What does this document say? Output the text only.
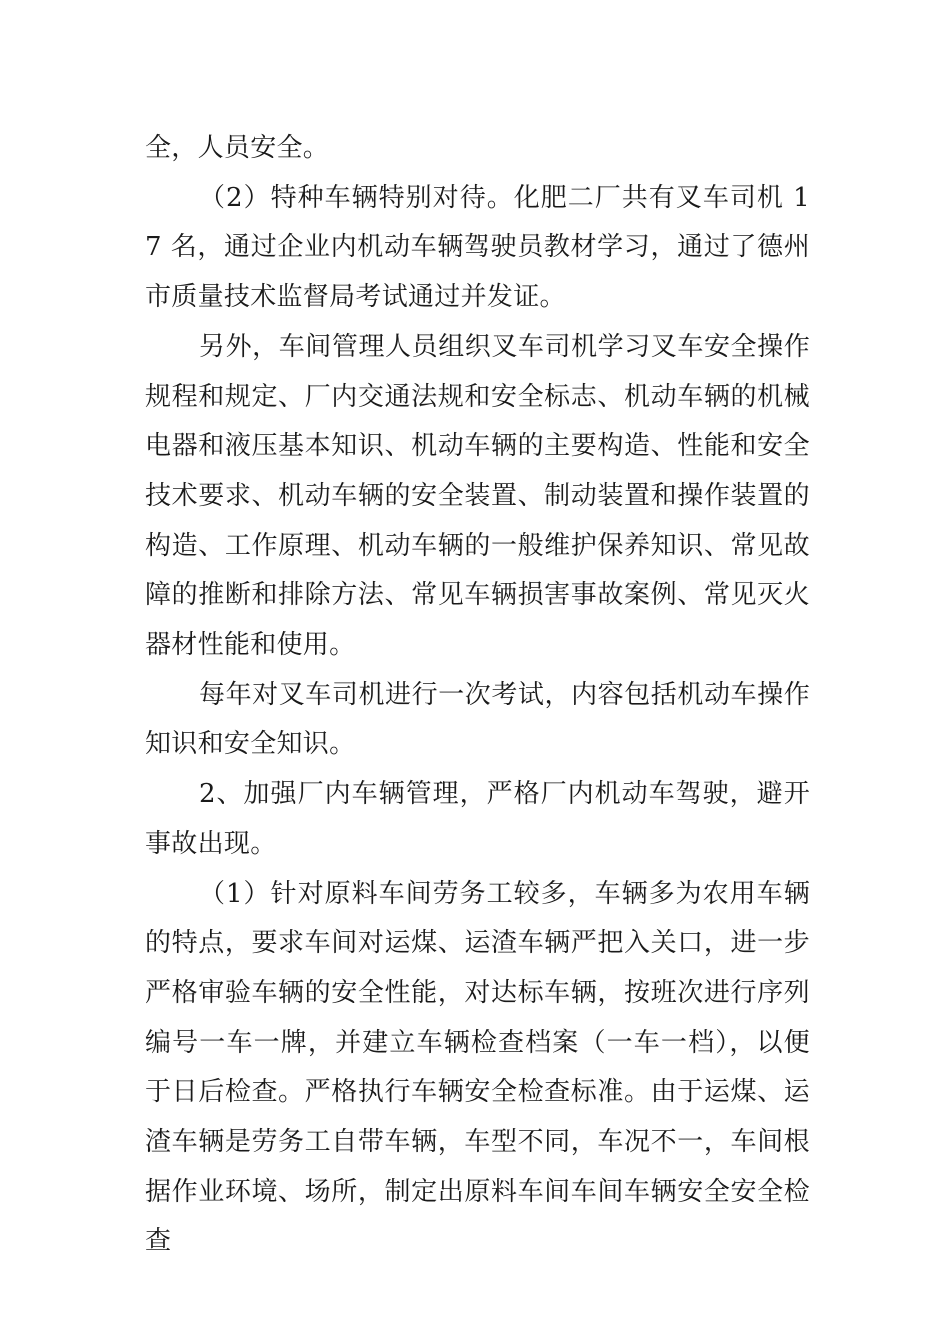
全，人员安全。

（2）特种车辆特别对待。化肥二厂共有叉车司机 17 名，通过企业内机动车辆驾驶员教材学习，通过了德州市质量技术监督局考试通过并发证。

另外，车间管理人员组织叉车司机学习叉车安全操作规程和规定、厂内交通法规和安全标志、机动车辆的机械电器和液压基本知识、机动车辆的主要构造、性能和安全技术要求、机动车辆的安全装置、制动装置和操作装置的构造、工作原理、机动车辆的一般维护保养知识、常见故障的推断和排除方法、常见车辆损害事故案例、常见灭火器材性能和使用。

每年对叉车司机进行一次考试，内容包括机动车操作知识和安全知识。

2、加强厂内车辆管理，严格厂内机动车驾驶，避开事故出现。

（1）针对原料车间劳务工较多，车辆多为农用车辆的特点，要求车间对运煤、运渣车辆严把入关口，进一步严格审验车辆的安全性能，对达标车辆，按班次进行序列编号一车一牌，并建立车辆检查档案（一车一档），以便于日后检查。严格执行车辆安全检查标准。由于运煤、运渣车辆是劳务工自带车辆，车型不同，车况不一，车间根据作业环境、场所，制定出原料车间车间车辆安全安全检查
